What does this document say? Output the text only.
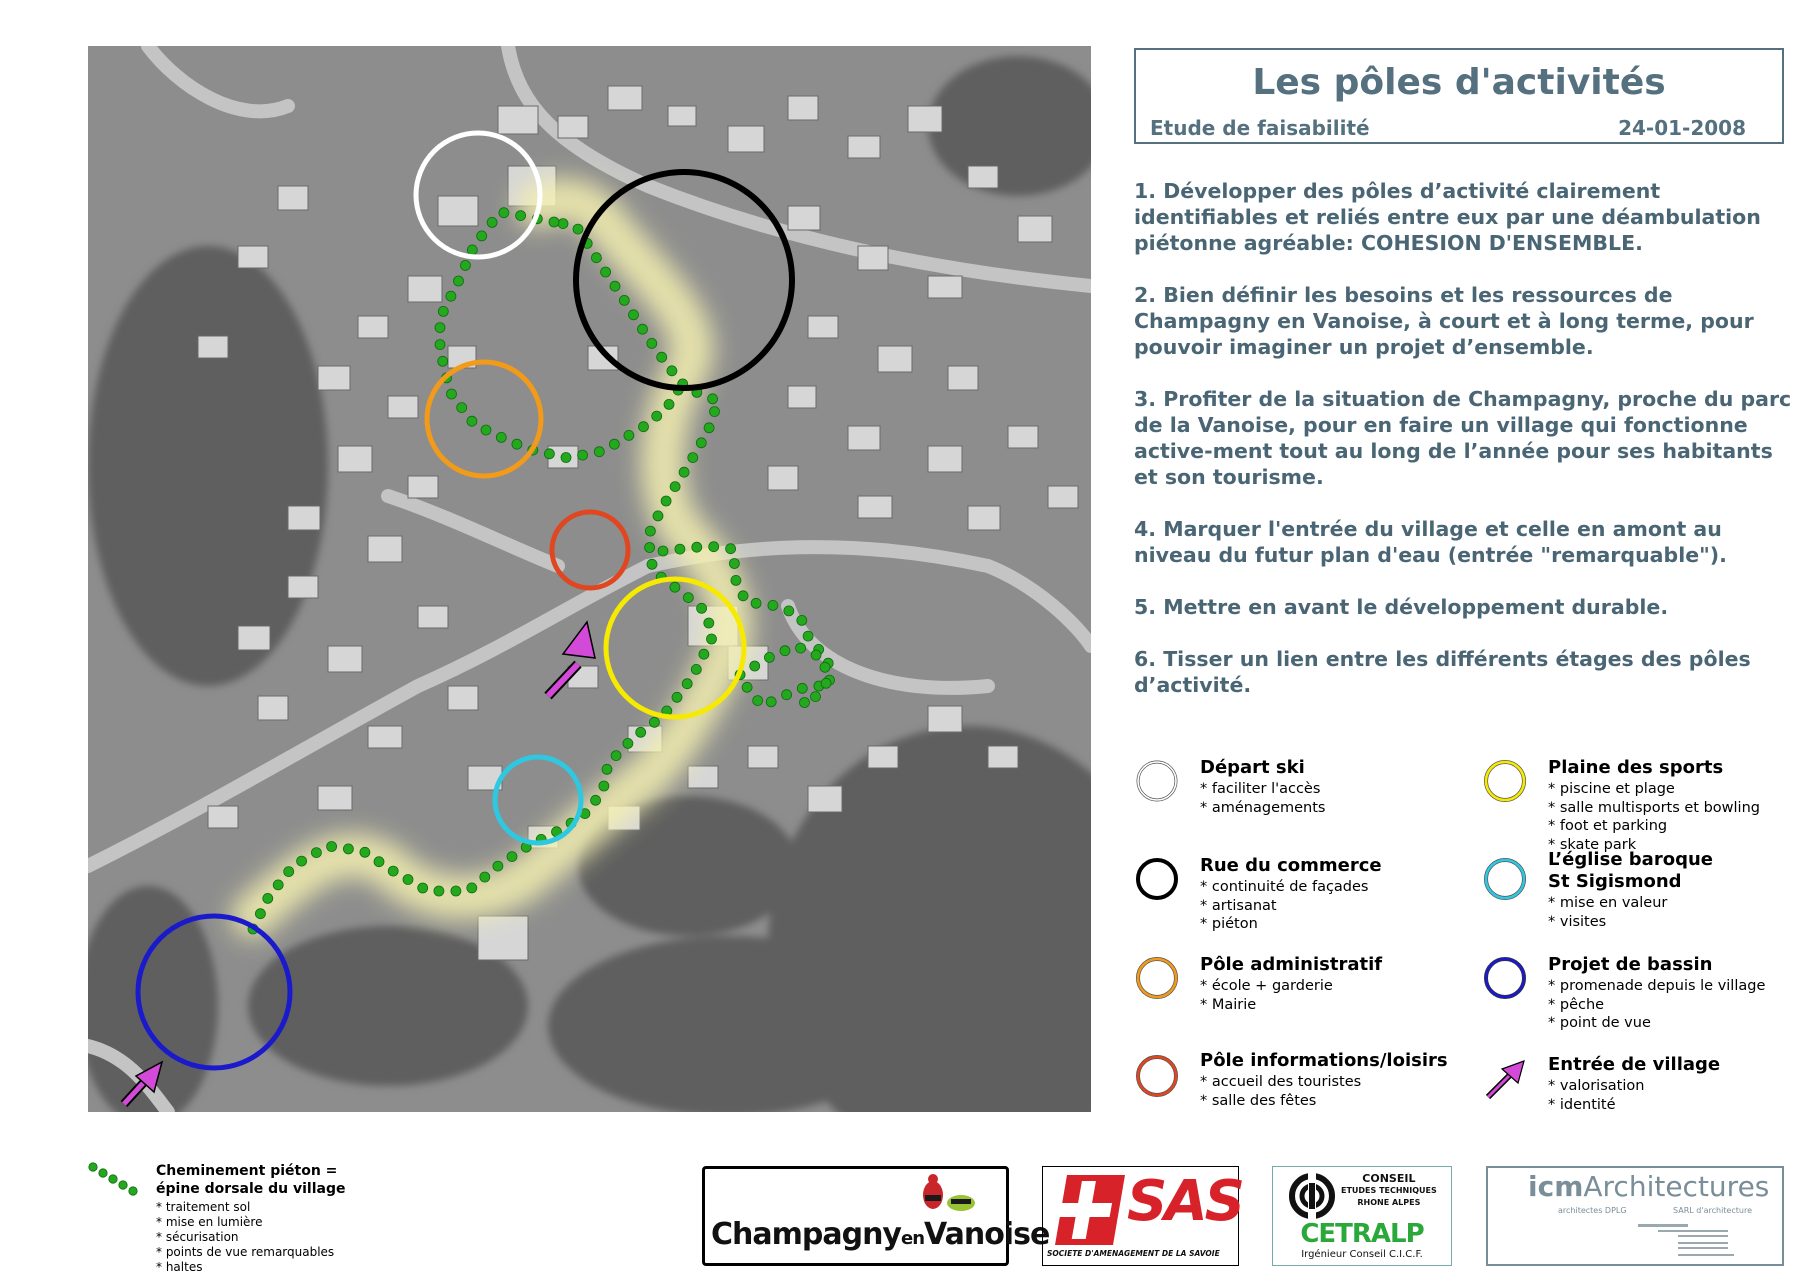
Les pôles d'activités
Etude de faisabilité	24-01-2008

1. Développer des pôles d’activité clairement identifiables et reliés entre eux par une déambulation piétonne agréable: COHESION D'ENSEMBLE.

2. Bien définir les besoins et les ressources de Champagny en Vanoise, à court et à long terme, pour pouvoir imaginer un projet d’ensemble.

3. Profiter de la situation de Champagny, proche du parc de la Vanoise, pour en faire un village qui fonctionne active-ment tout au long de l’année pour ses habitants et son tourisme.

4. Marquer l'entrée du village et celle en amont au niveau du futur plan d'eau (entrée "remarquable").

5. Mettre en avant le développement durable.

6. Tisser un lien entre les différents étages des pôles d’activité.

Départ ski
* faciliter l'accès
* aménagements
Rue du commerce
* continuité de façades
* artisanat
* piéton
Pôle administratif
* école + garderie
* Mairie
Pôle informations/loisirs
* accueil des touristes
* salle des fêtes
Plaine des sports
* piscine et plage
* salle multisports et bowling
* foot et parking
* skate park
L’église baroque
St Sigismond
* mise en valeur
* visites
Projet de bassin
* promenade depuis le village
* pêche
* point de vue
Entrée de village
* valorisation
* identité
Cheminement piéton =
épine dorsale du village
* traitement sol
* mise en lumière
* sécurisation
* points de vue remarquables
* haltes
ChampagnyenVanoise
SAS
SOCIETE D'AMENAGEMENT DE LA SAVOIE
CONSEIL
ETUDES TECHNIQUES
RHONE ALPES
CETRALP
Irgénieur Conseil C.I.C.F.
icmArchitectures
architectes DPLG	SARL d'architecture
